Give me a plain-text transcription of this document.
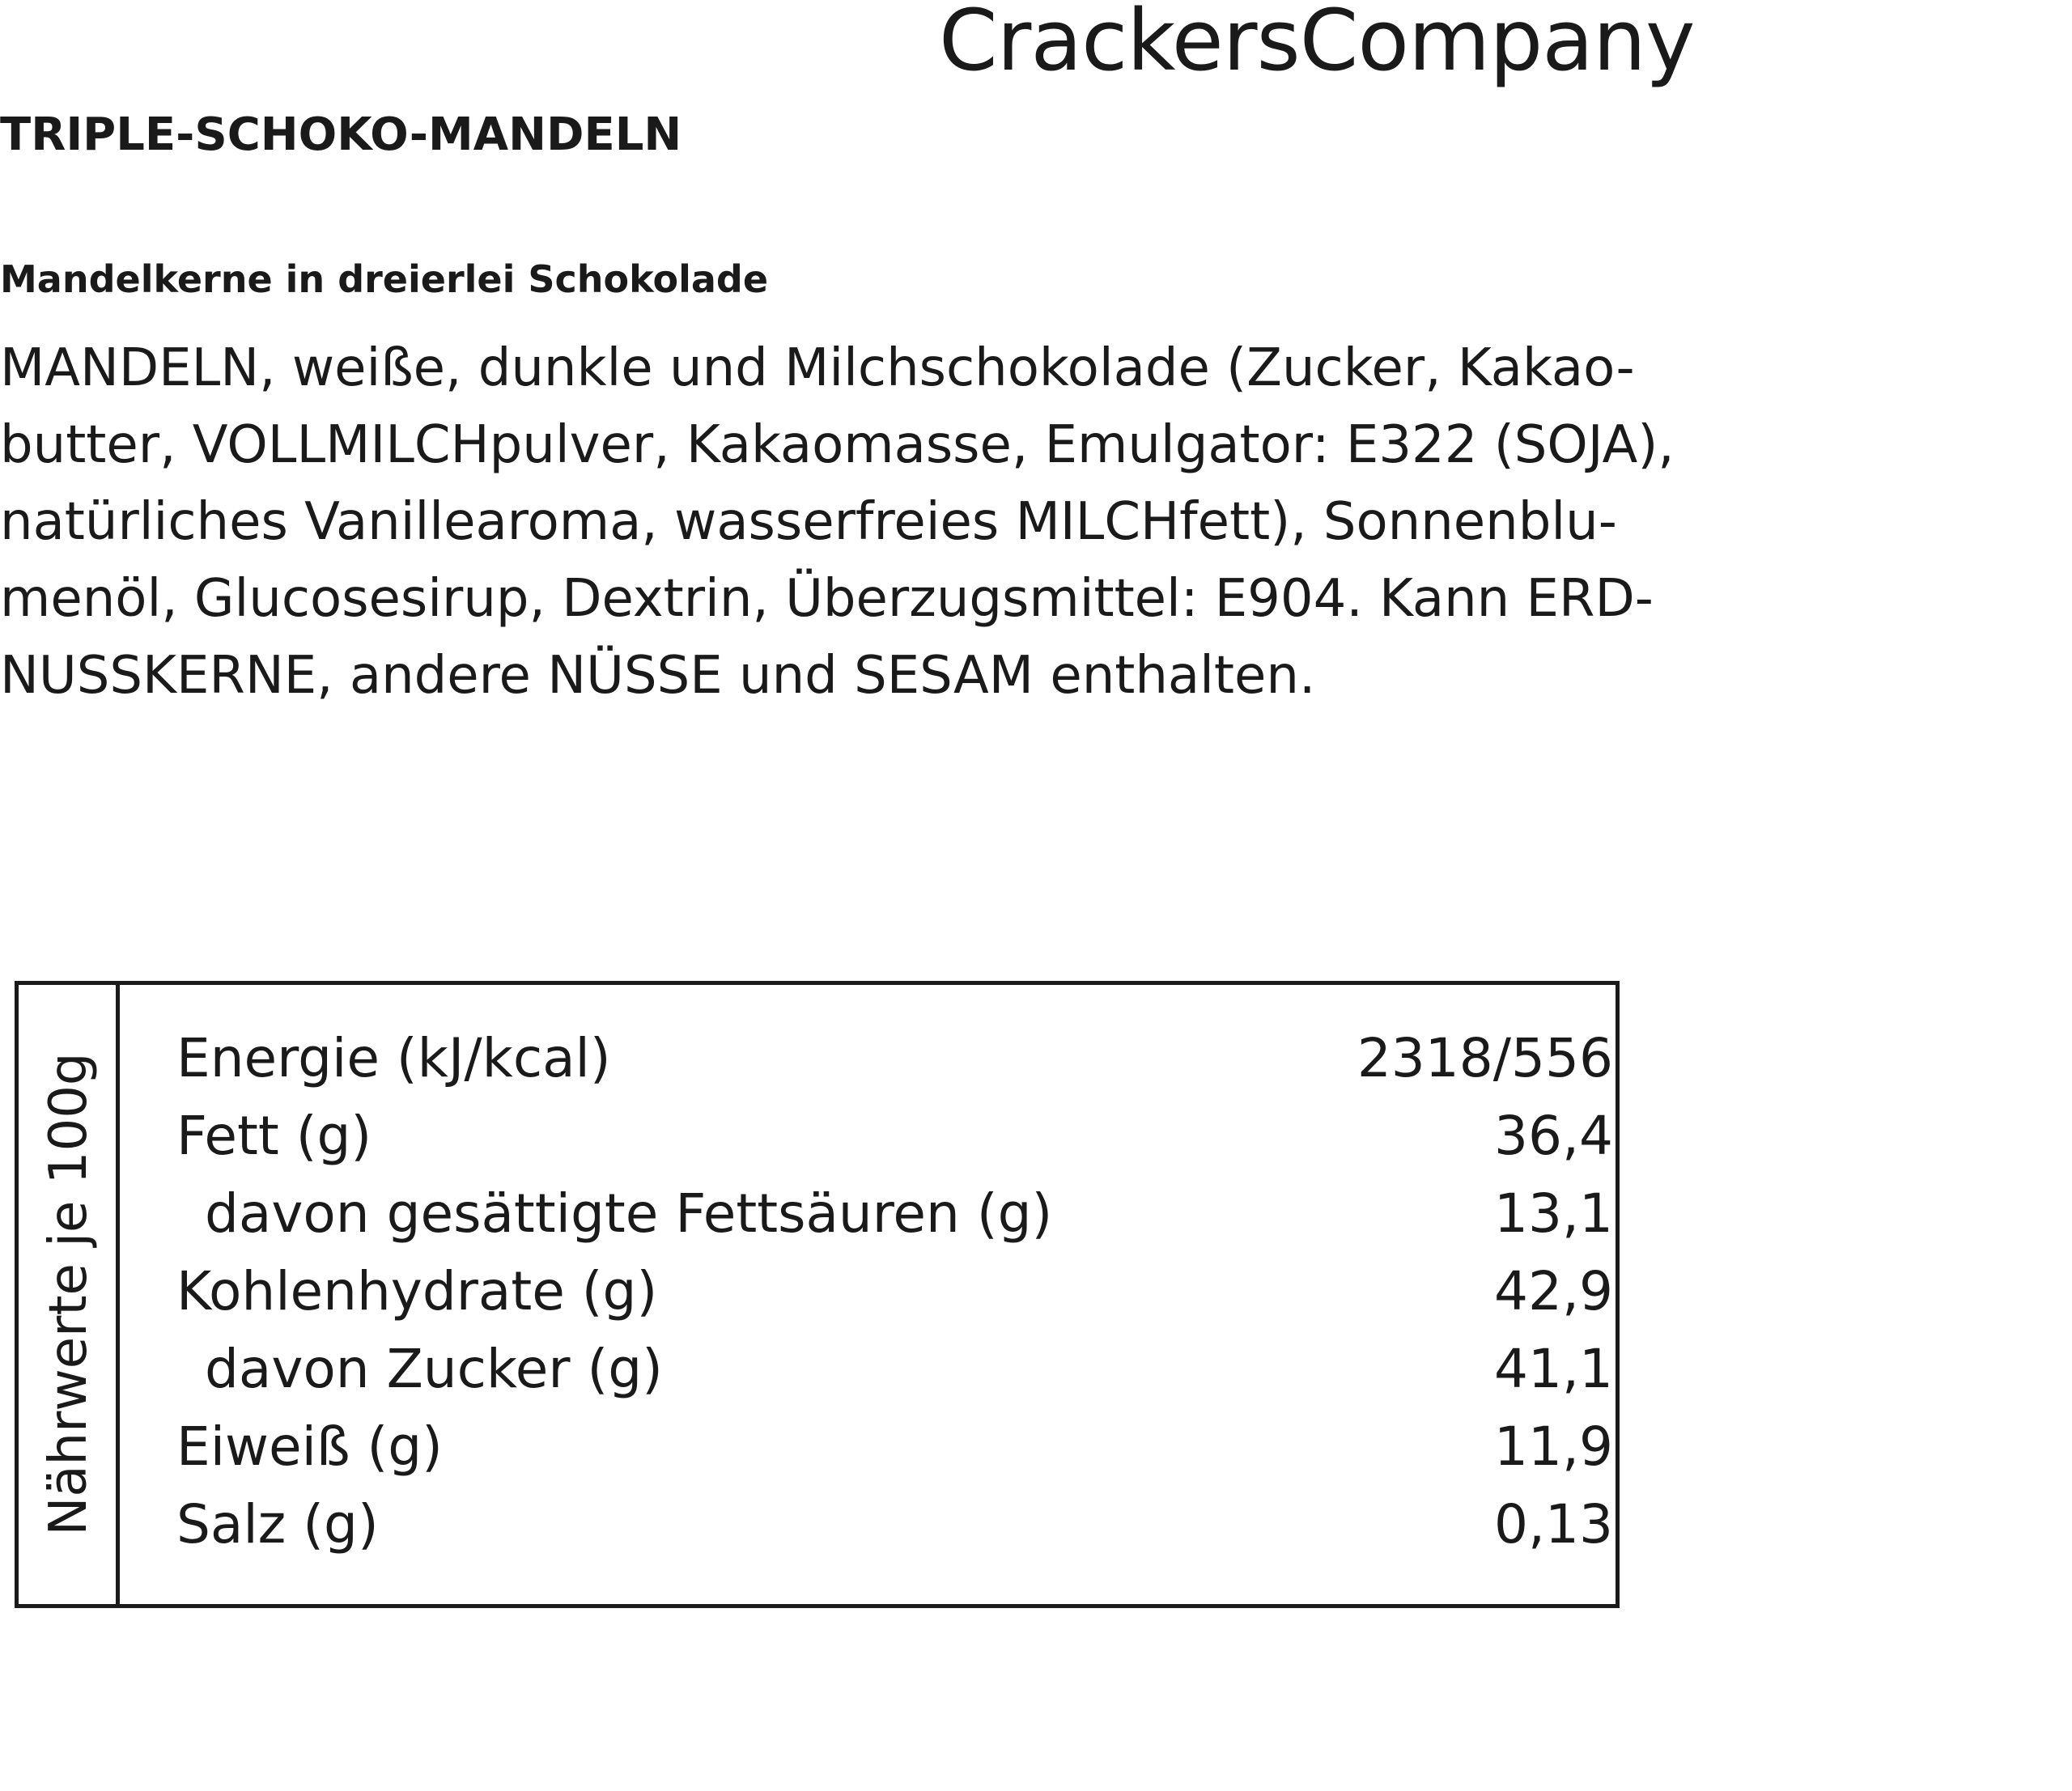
CrackersCompany
TRIPLE-SCHOKO-MANDELN
Mandelkerne in dreierlei Schokolade
MANDELN, weiße, dunkle und Milchschokolade (Zucker, Kakao-
butter, VOLLMILCHpulver, Kakaomasse, Emulgator: E322 (SOJA),
natürliches Vanillearoma, wasserfreies MILCHfett), Sonnenblu-
menöl, Glucosesirup, Dextrin, Überzugsmittel: E904. Kann ERD-
NUSSKERNE, andere NÜSSE und SESAM enthalten.
Nährwerte je 100g Energie (kJ/kcal)	2318/556
Fett (g)	36,4
davon gesättigte Fettsäuren (g)	13,1
Kohlenhydrate (g)	42,9
davon Zucker (g)	41,1
Eiweiß (g)	11,9
Salz (g)	0,13
